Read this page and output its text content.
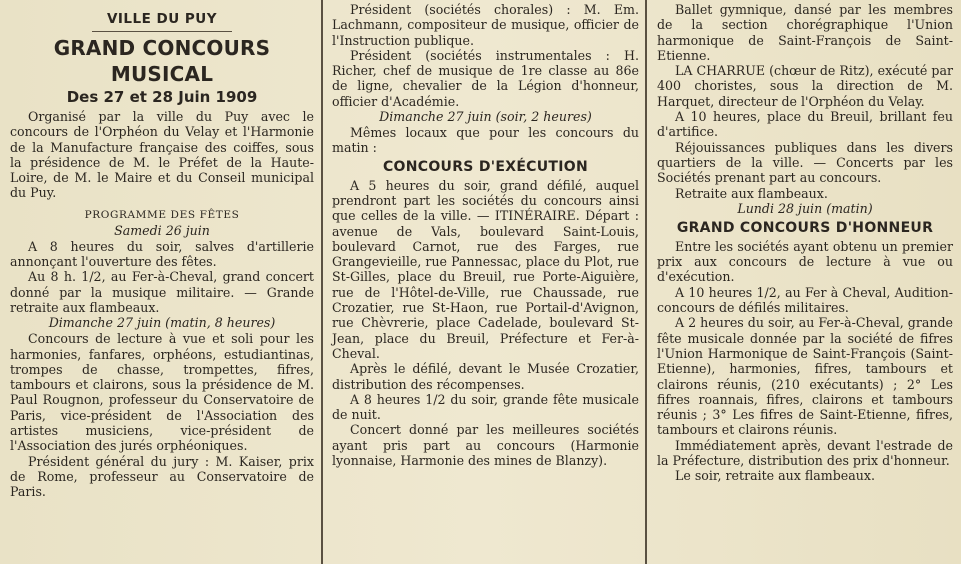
VILLE DU PUY
GRAND CONCOURS MUSICAL
Des 27 et 28 Juin 1909
Organisé par la ville du Puy avec le concours de l'Orphéon du Velay et l'Harmonie de la Manufacture française des coiffes, sous la présidence de M. le Préfet de la Haute-Loire, de M. le Maire et du Conseil municipal du Puy.
PROGRAMME DES FÊTES
Samedi 26 juin
A 8 heures du soir, salves d'artillerie annonçant l'ouverture des fêtes.
Au 8 h. 1/2, au Fer-à-Cheval, grand concert donné par la musique militaire. — Grande retraite aux flambeaux.
Dimanche 27 juin (matin, 8 heures)
Concours de lecture à vue et soli pour les harmonies, fanfares, orphéons, estudiantinas, trompes de chasse, trompettes, fifres, tambours et clairons, sous la présidence de M. Paul Rougnon, professeur du Conservatoire de Paris, vice-président de l'Association des artistes musiciens, vice-président de l'Association des jurés orphéoniques.
Président général du jury : M. Kaiser, prix de Rome, professeur au Conservatoire de Paris.
Président (sociétés chorales) : M. Em. Lachmann, compositeur de musique, officier de l'Instruction publique.
Président (sociétés instrumentales : H. Richer, chef de musique de 1re classe au 86e de ligne, chevalier de la Légion d'honneur, officier d'Académie.
Dimanche 27 juin (soir, 2 heures)
Mêmes locaux que pour les concours du matin :
CONCOURS D'EXÉCUTION
A 5 heures du soir, grand défilé, auquel prendront part les sociétés du concours ainsi que celles de la ville. — ITINÉRAIRE. Départ : avenue de Vals, boulevard Saint-Louis, boulevard Carnot, rue des Farges, rue Grangevieille, rue Pannessac, place du Plot, rue St-Gilles, place du Breuil, rue Porte-Aiguière, rue de l'Hôtel-de-Ville, rue Chaussade, rue Crozatier, rue St-Haon, rue Portail-d'Avignon, rue Chèvrerie, place Cadelade, boulevard St-Jean, place du Breuil, Préfecture et Fer-à-Cheval.
Après le défilé, devant le Musée Crozatier, distribution des récompenses.
A 8 heures 1/2 du soir, grande fête musicale de nuit.
Concert donné par les meilleures sociétés ayant pris part au concours (Harmonie lyonnaise, Harmonie des mines de Blanzy).
Ballet gymnique, dansé par les membres de la section chorégraphique l'Union harmonique de Saint-François de Saint-Etienne.
LA CHARRUE (chœur de Ritz), exécuté par 400 choristes, sous la direction de M. Harquet, directeur de l'Orphéon du Velay.
A 10 heures, place du Breuil, brillant feu d'artifice.
Réjouissances publiques dans les divers quartiers de la ville. — Concerts par les Sociétés prenant part au concours.
Retraite aux flambeaux.
Lundi 28 juin (matin)
GRAND CONCOURS D'HONNEUR
Entre les sociétés ayant obtenu un premier prix aux concours de lecture à vue ou d'exécution.
A 10 heures 1/2, au Fer à Cheval, Audition-concours de défilés militaires.
A 2 heures du soir, au Fer-à-Cheval, grande fête musicale donnée par la société de fifres l'Union Harmonique de Saint-François (Saint-Etienne), harmonies, fifres, tambours et clairons réunis, (210 exécutants) ; 2° Les fifres roannais, fifres, clairons et tambours réunis ; 3° Les fifres de Saint-Etienne, fifres, tambours et clairons réunis.
Immédiatement après, devant l'estrade de la Préfecture, distribution des prix d'honneur.
Le soir, retraite aux flambeaux.
